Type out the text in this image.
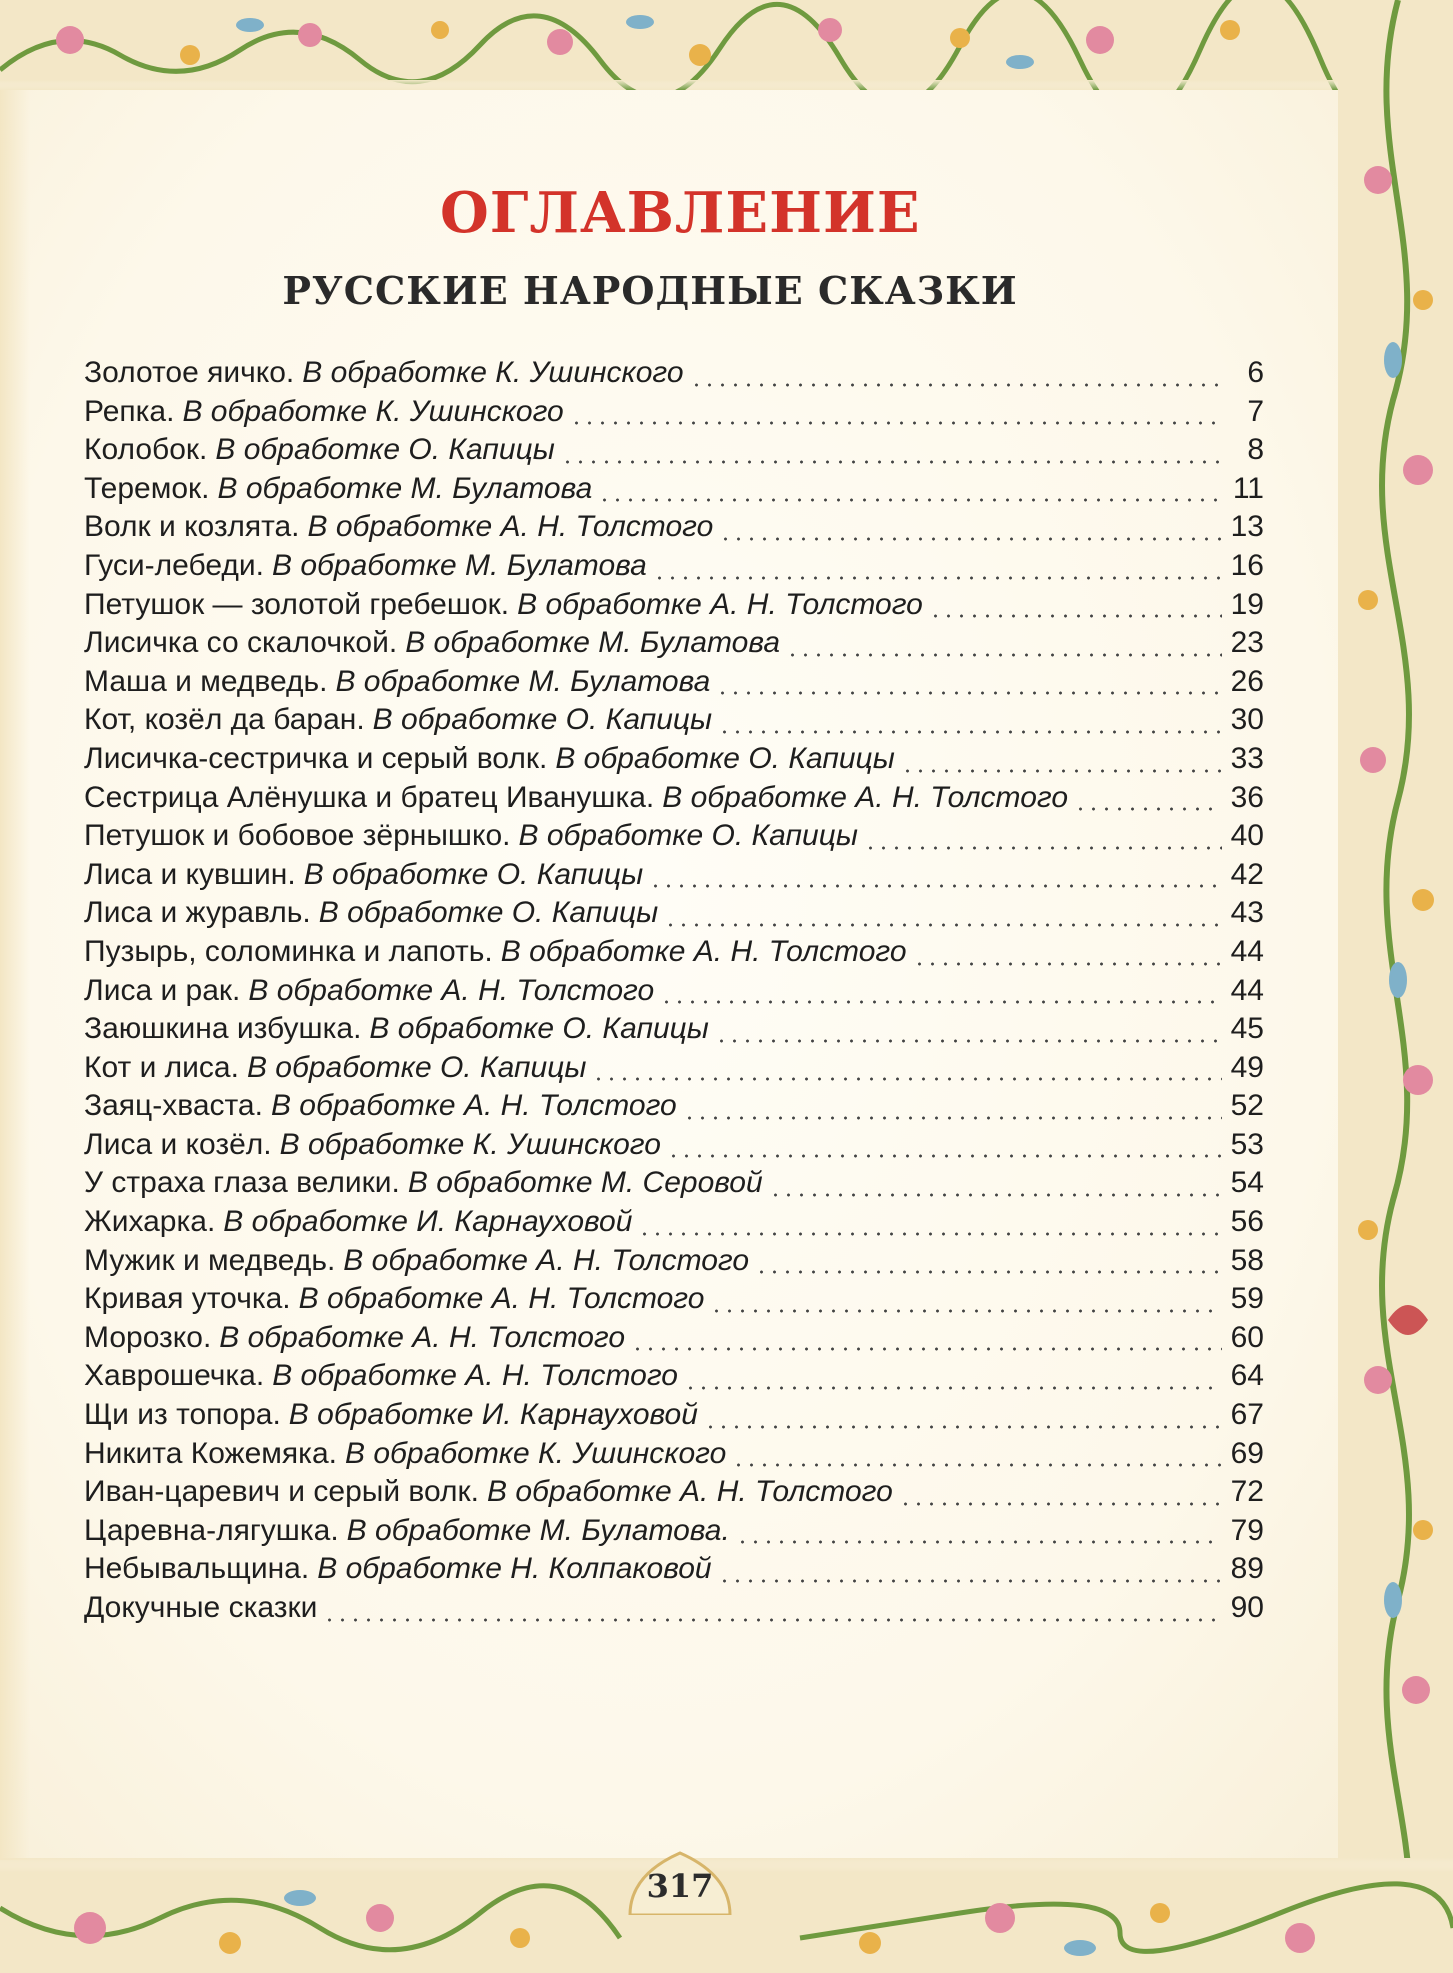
317
ОГЛАВЛЕНИЕ
РУССКИЕ НАРОДНЫЕ СКАЗКИ
Золотое яичко. В обработке К. Ушинского	6
Репка. В обработке К. Ушинского	7
Колобок. В обработке О. Капицы	8
Теремок. В обработке М. Булатова	11
Волк и козлята. В обработке А. Н. Толстого	13
Гуси-лебеди. В обработке М. Булатова	16
Петушок — золотой гребешок. В обработке А. Н. Толстого	19
Лисичка со скалочкой. В обработке М. Булатова	23
Маша и медведь. В обработке М. Булатова	26
Кот, козёл да баран. В обработке О. Капицы	30
Лисичка-сестричка и серый волк. В обработке О. Капицы	33
Сестрица Алёнушка и братец Иванушка. В обработке А. Н. Толстого	36
Петушок и бобовое зёрнышко. В обработке О. Капицы	40
Лиса и кувшин. В обработке О. Капицы	42
Лиса и журавль. В обработке О. Капицы	43
Пузырь, соломинка и лапоть. В обработке А. Н. Толстого	44
Лиса и рак. В обработке А. Н. Толстого	44
Заюшкина избушка. В обработке О. Капицы	45
Кот и лиса. В обработке О. Капицы	49
Заяц-хваста. В обработке А. Н. Толстого	52
Лиса и козёл. В обработке К. Ушинского	53
У страха глаза велики. В обработке М. Серовой	54
Жихарка. В обработке И. Карнауховой	56
Мужик и медведь. В обработке А. Н. Толстого	58
Кривая уточка. В обработке А. Н. Толстого	59
Морозко. В обработке А. Н. Толстого	60
Хаврошечка. В обработке А. Н. Толстого	64
Щи из топора. В обработке И. Карнауховой	67
Никита Кожемяка. В обработке К. Ушинского	69
Иван-царевич и серый волк. В обработке А. Н. Толстого	72
Царевна-лягушка. В обработке М. Булатова.	79
Небывальщина. В обработке Н. Колпаковой	89
Докучные сказки	90
